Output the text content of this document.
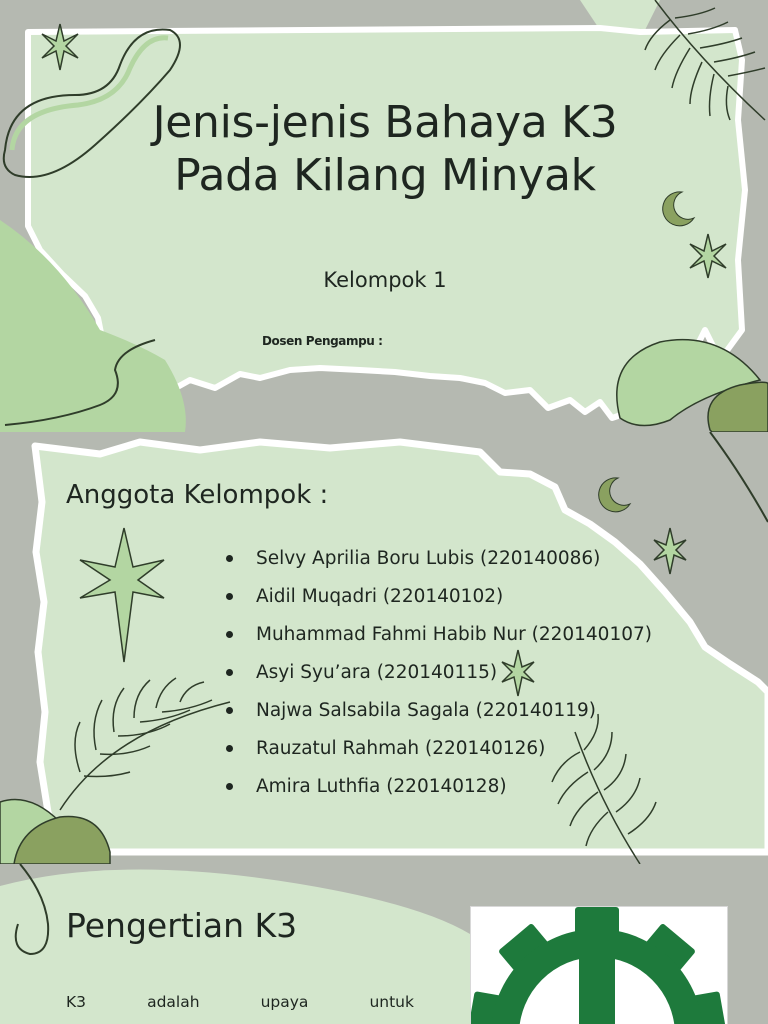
Jenis-jenis Bahaya K3 Pada Kilang Minyak
Kelompok 1
Dosen Pengampu :
Anggota Kelompok :
Selvy Aprilia Boru Lubis (220140086)
Aidil Muqadri (220140102)
Muhammad Fahmi Habib Nur (220140107)
Asyi Syu’ara (220140115)
Najwa Salsabila Sagala (220140119)
Rauzatul Rahmah (220140126)
Amira Luthfia (220140128)
Pengertian K3
K3 adalah upaya untuk
